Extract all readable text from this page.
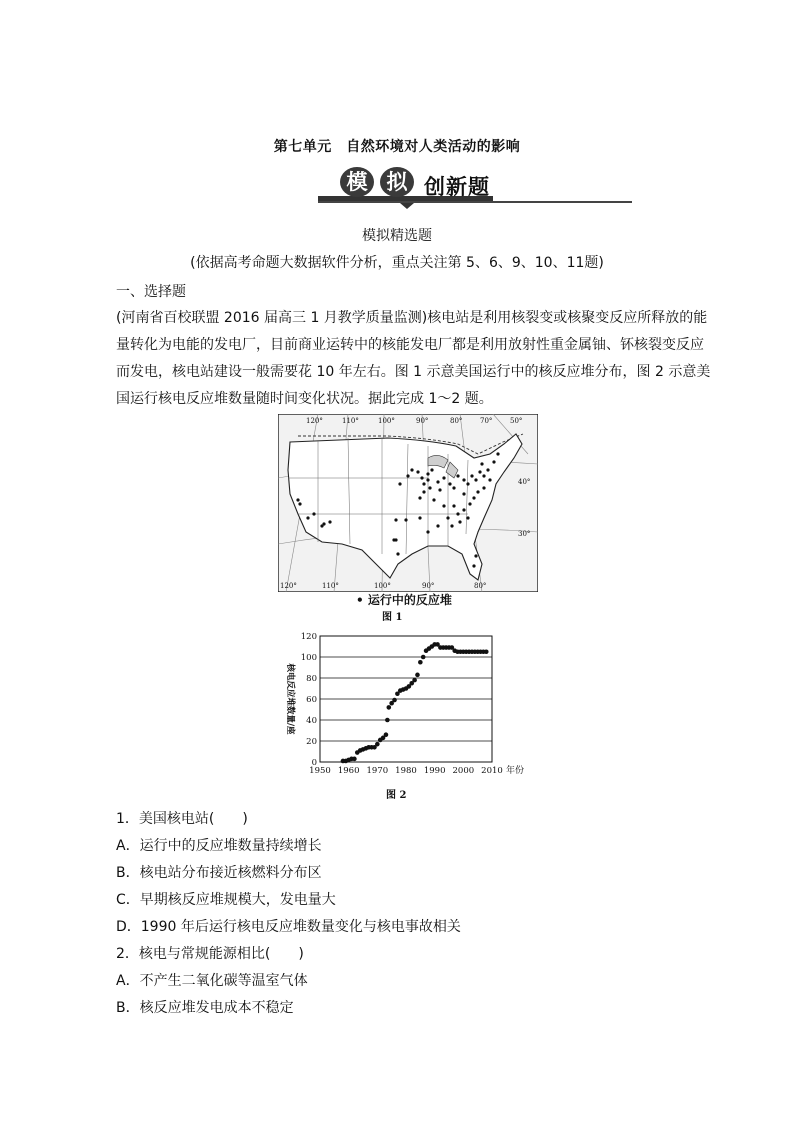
第七单元　自然环境对人类活动的影响
模 拟 创新题
模拟精选题
(依据高考命题大数据软件分析，重点关注第 5、6、9、10、11题)
一、选择题
(河南省百校联盟 2016 届高三 1 月教学质量监测)核电站是利用核裂变或核聚变反应所释放的能
量转化为电能的发电厂，目前商业运转中的核能发电厂都是利用放射性重金属铀、钚核裂变反应
而发电，核电站建设一般需要花 10 年左右。图 1 示意美国运行中的核反应堆分布，图 2 示意美
国运行核电反应堆数量随时间变化状况。据此完成 1～2 题。
120°	110°	100°	90°	80°	70°	50°
40°
30°
120°	110°	100°	90°	80°
• 运行中的反应堆
图 1
1950 1960 1970 1980 1990 2000 2010
0
20
40
60
80
100
120
年份
核电反应堆数量/座
图 2
1．美国核电站(　　)
A．运行中的反应堆数量持续增长
B．核电站分布接近核燃料分布区
C．早期核反应堆规模大，发电量大
D．1990 年后运行核电反应堆数量变化与核电事故相关
2．核电与常规能源相比(　　)
A．不产生二氧化碳等温室气体
B．核反应堆发电成本不稳定
